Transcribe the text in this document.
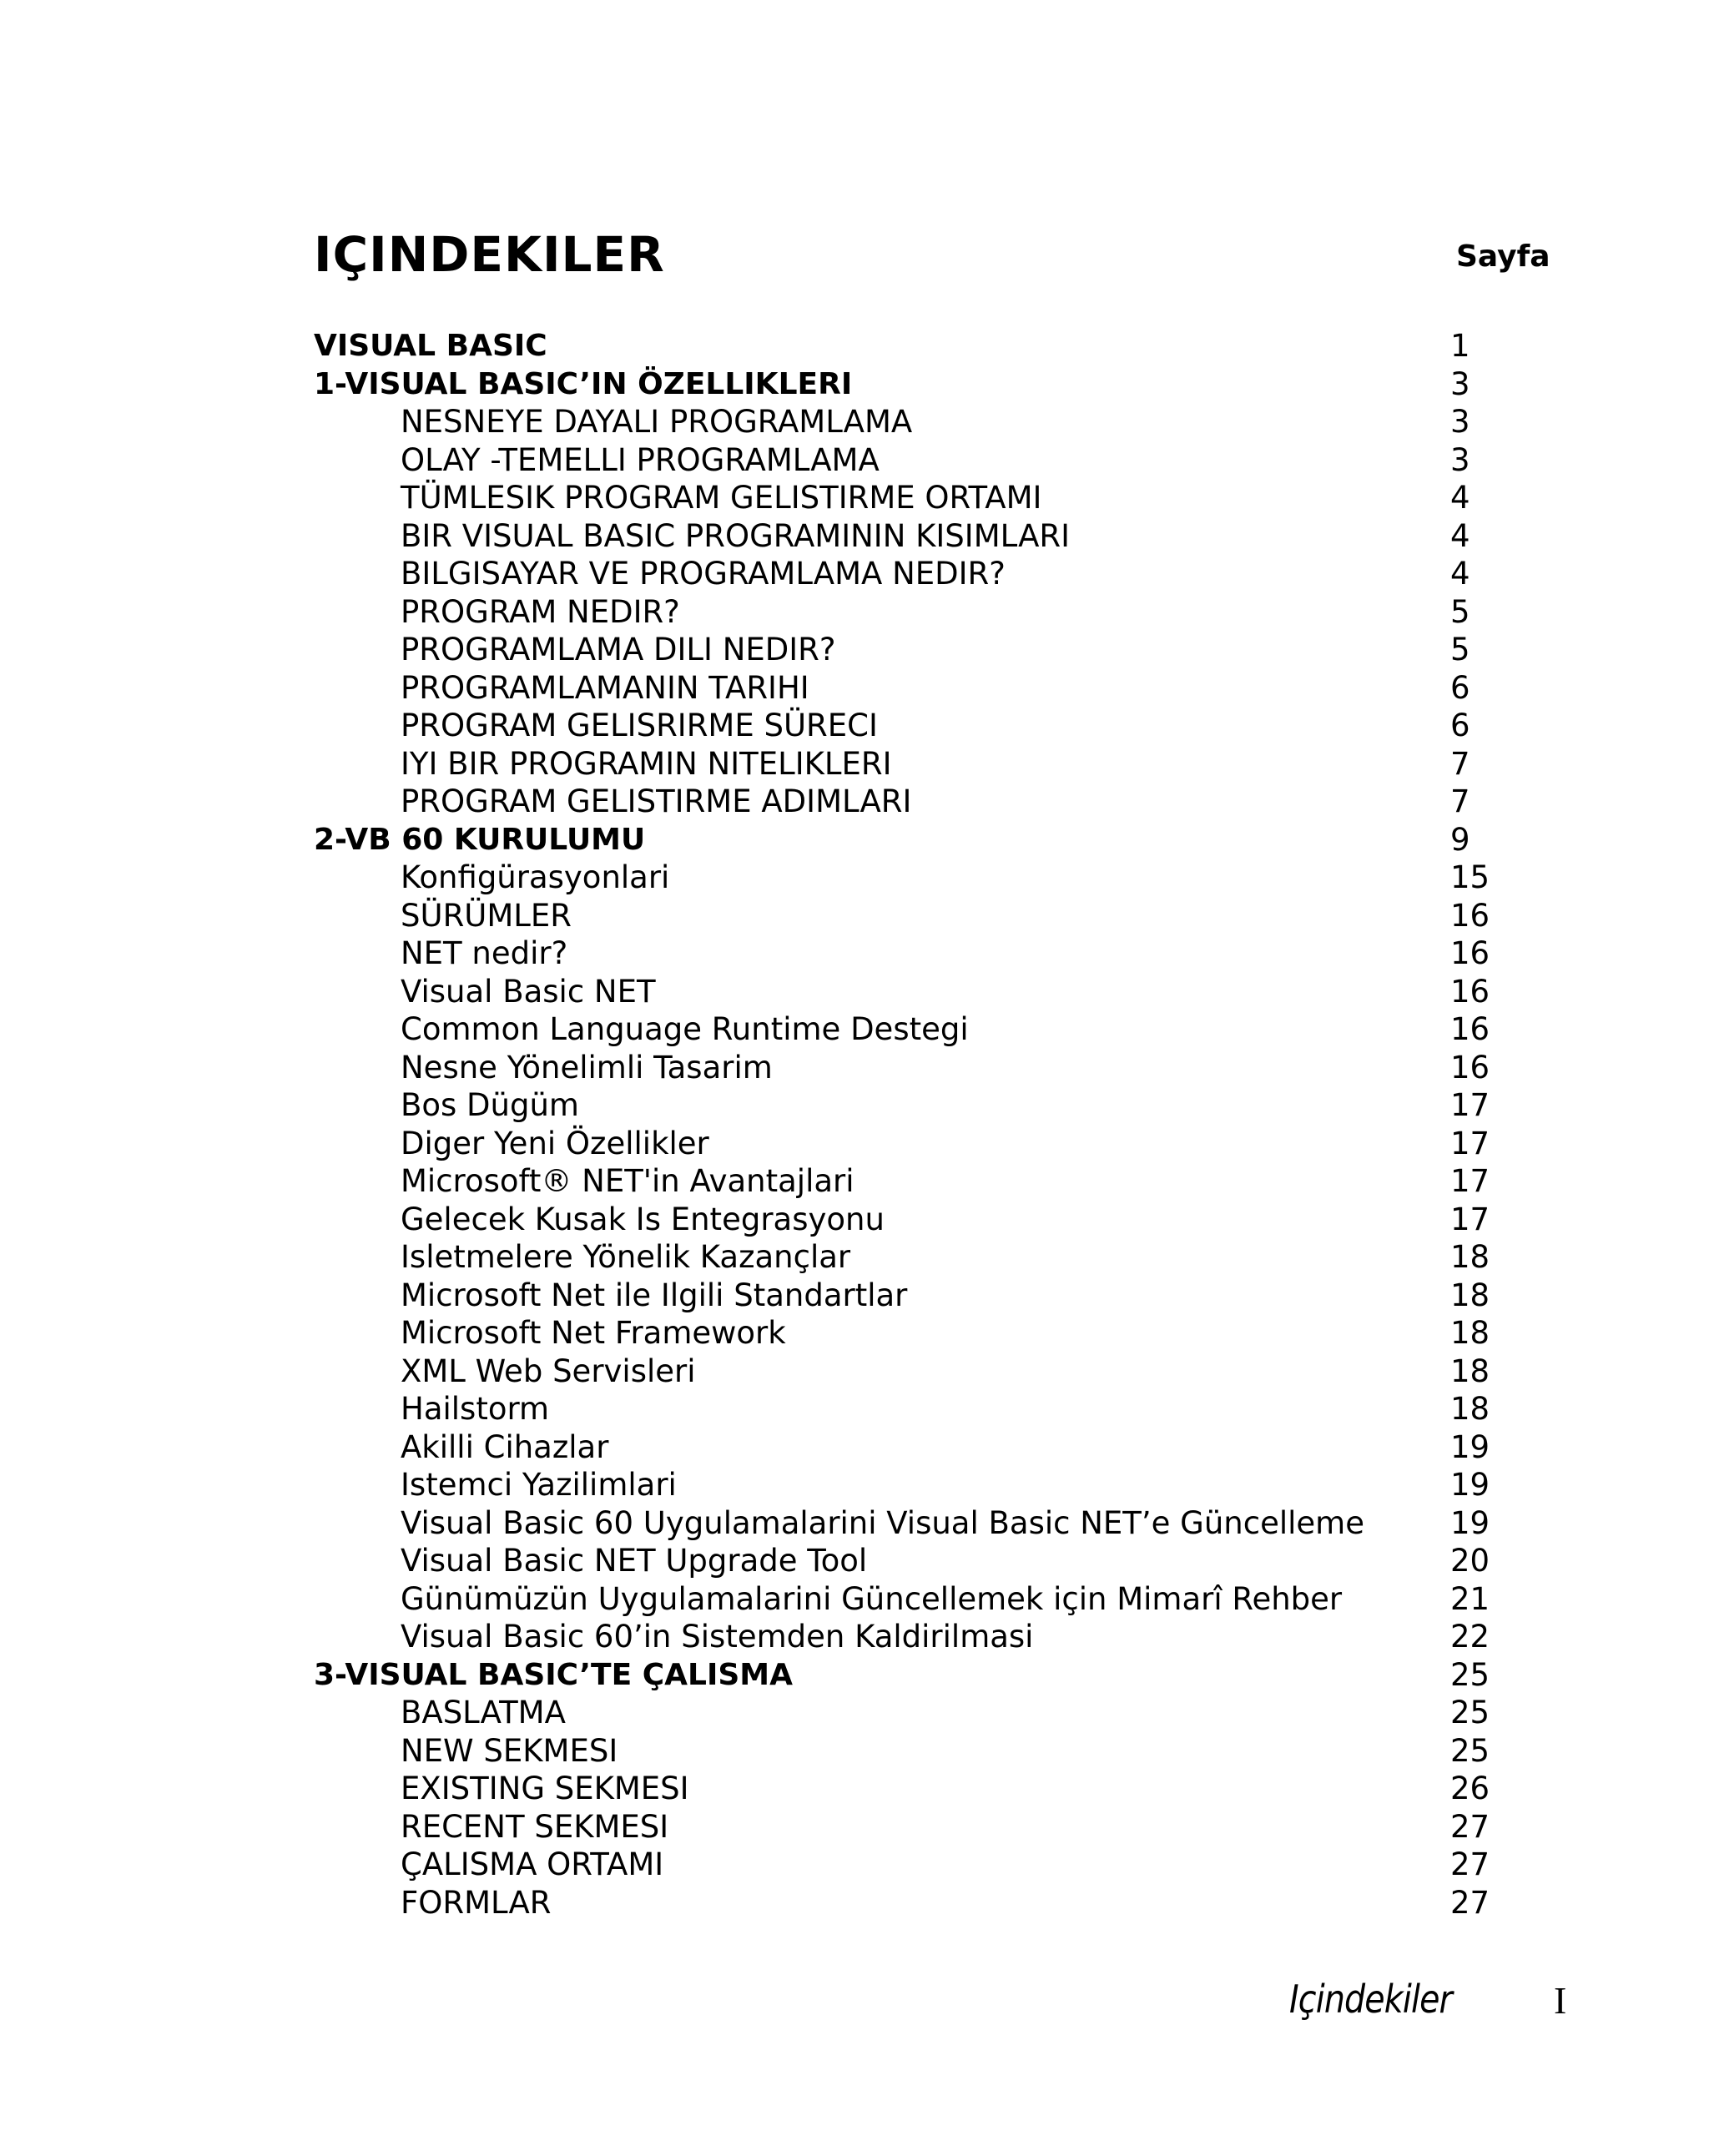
IÇINDEKILER	Sayfa
VISUAL BASIC	1
1-VISUAL BASIC’IN ÖZELLIKLERI	3
NESNEYE DAYALI PROGRAMLAMA	3
OLAY -TEMELLI PROGRAMLAMA	3
TÜMLESIK PROGRAM GELISTIRME ORTAMI	4
BIR VISUAL BASIC PROGRAMININ KISIMLARI	4
BILGISAYAR VE PROGRAMLAMA NEDIR?	4
PROGRAM NEDIR?	5
PROGRAMLAMA DILI NEDIR?	5
PROGRAMLAMANIN TARIHI	6
PROGRAM GELISRIRME SÜRECI	6
IYI BIR PROGRAMIN NITELIKLERI	7
PROGRAM GELISTIRME ADIMLARI	7
2-VB 60 KURULUMU	9
Konfigürasyonlari	15
SÜRÜMLER	16
NET nedir?	16
Visual Basic NET	16
Common Language Runtime Destegi	16
Nesne Yönelimli Tasarim	16
Bos Dügüm	17
Diger Yeni Özellikler	17
Microsoft® NET'in Avantajlari	17
Gelecek Kusak Is Entegrasyonu	17
Isletmelere Yönelik Kazançlar	18
Microsoft Net ile Ilgili Standartlar	18
Microsoft Net Framework	18
XML Web Servisleri	18
Hailstorm	18
Akilli Cihazlar	19
Istemci Yazilimlari	19
Visual Basic 60 Uygulamalarini Visual Basic NET’e Güncelleme	19
Visual Basic NET Upgrade Tool	20
Günümüzün Uygulamalarini Güncellemek için Mimarî Rehber	21
Visual Basic 60’in Sistemden Kaldirilmasi	22
3-VISUAL BASIC’TE ÇALISMA	25
BASLATMA	25
NEW SEKMESI	25
EXISTING SEKMESI	26
RECENT SEKMESI	27
ÇALISMA ORTAMI	27
FORMLAR	27
Içindekiler	I
